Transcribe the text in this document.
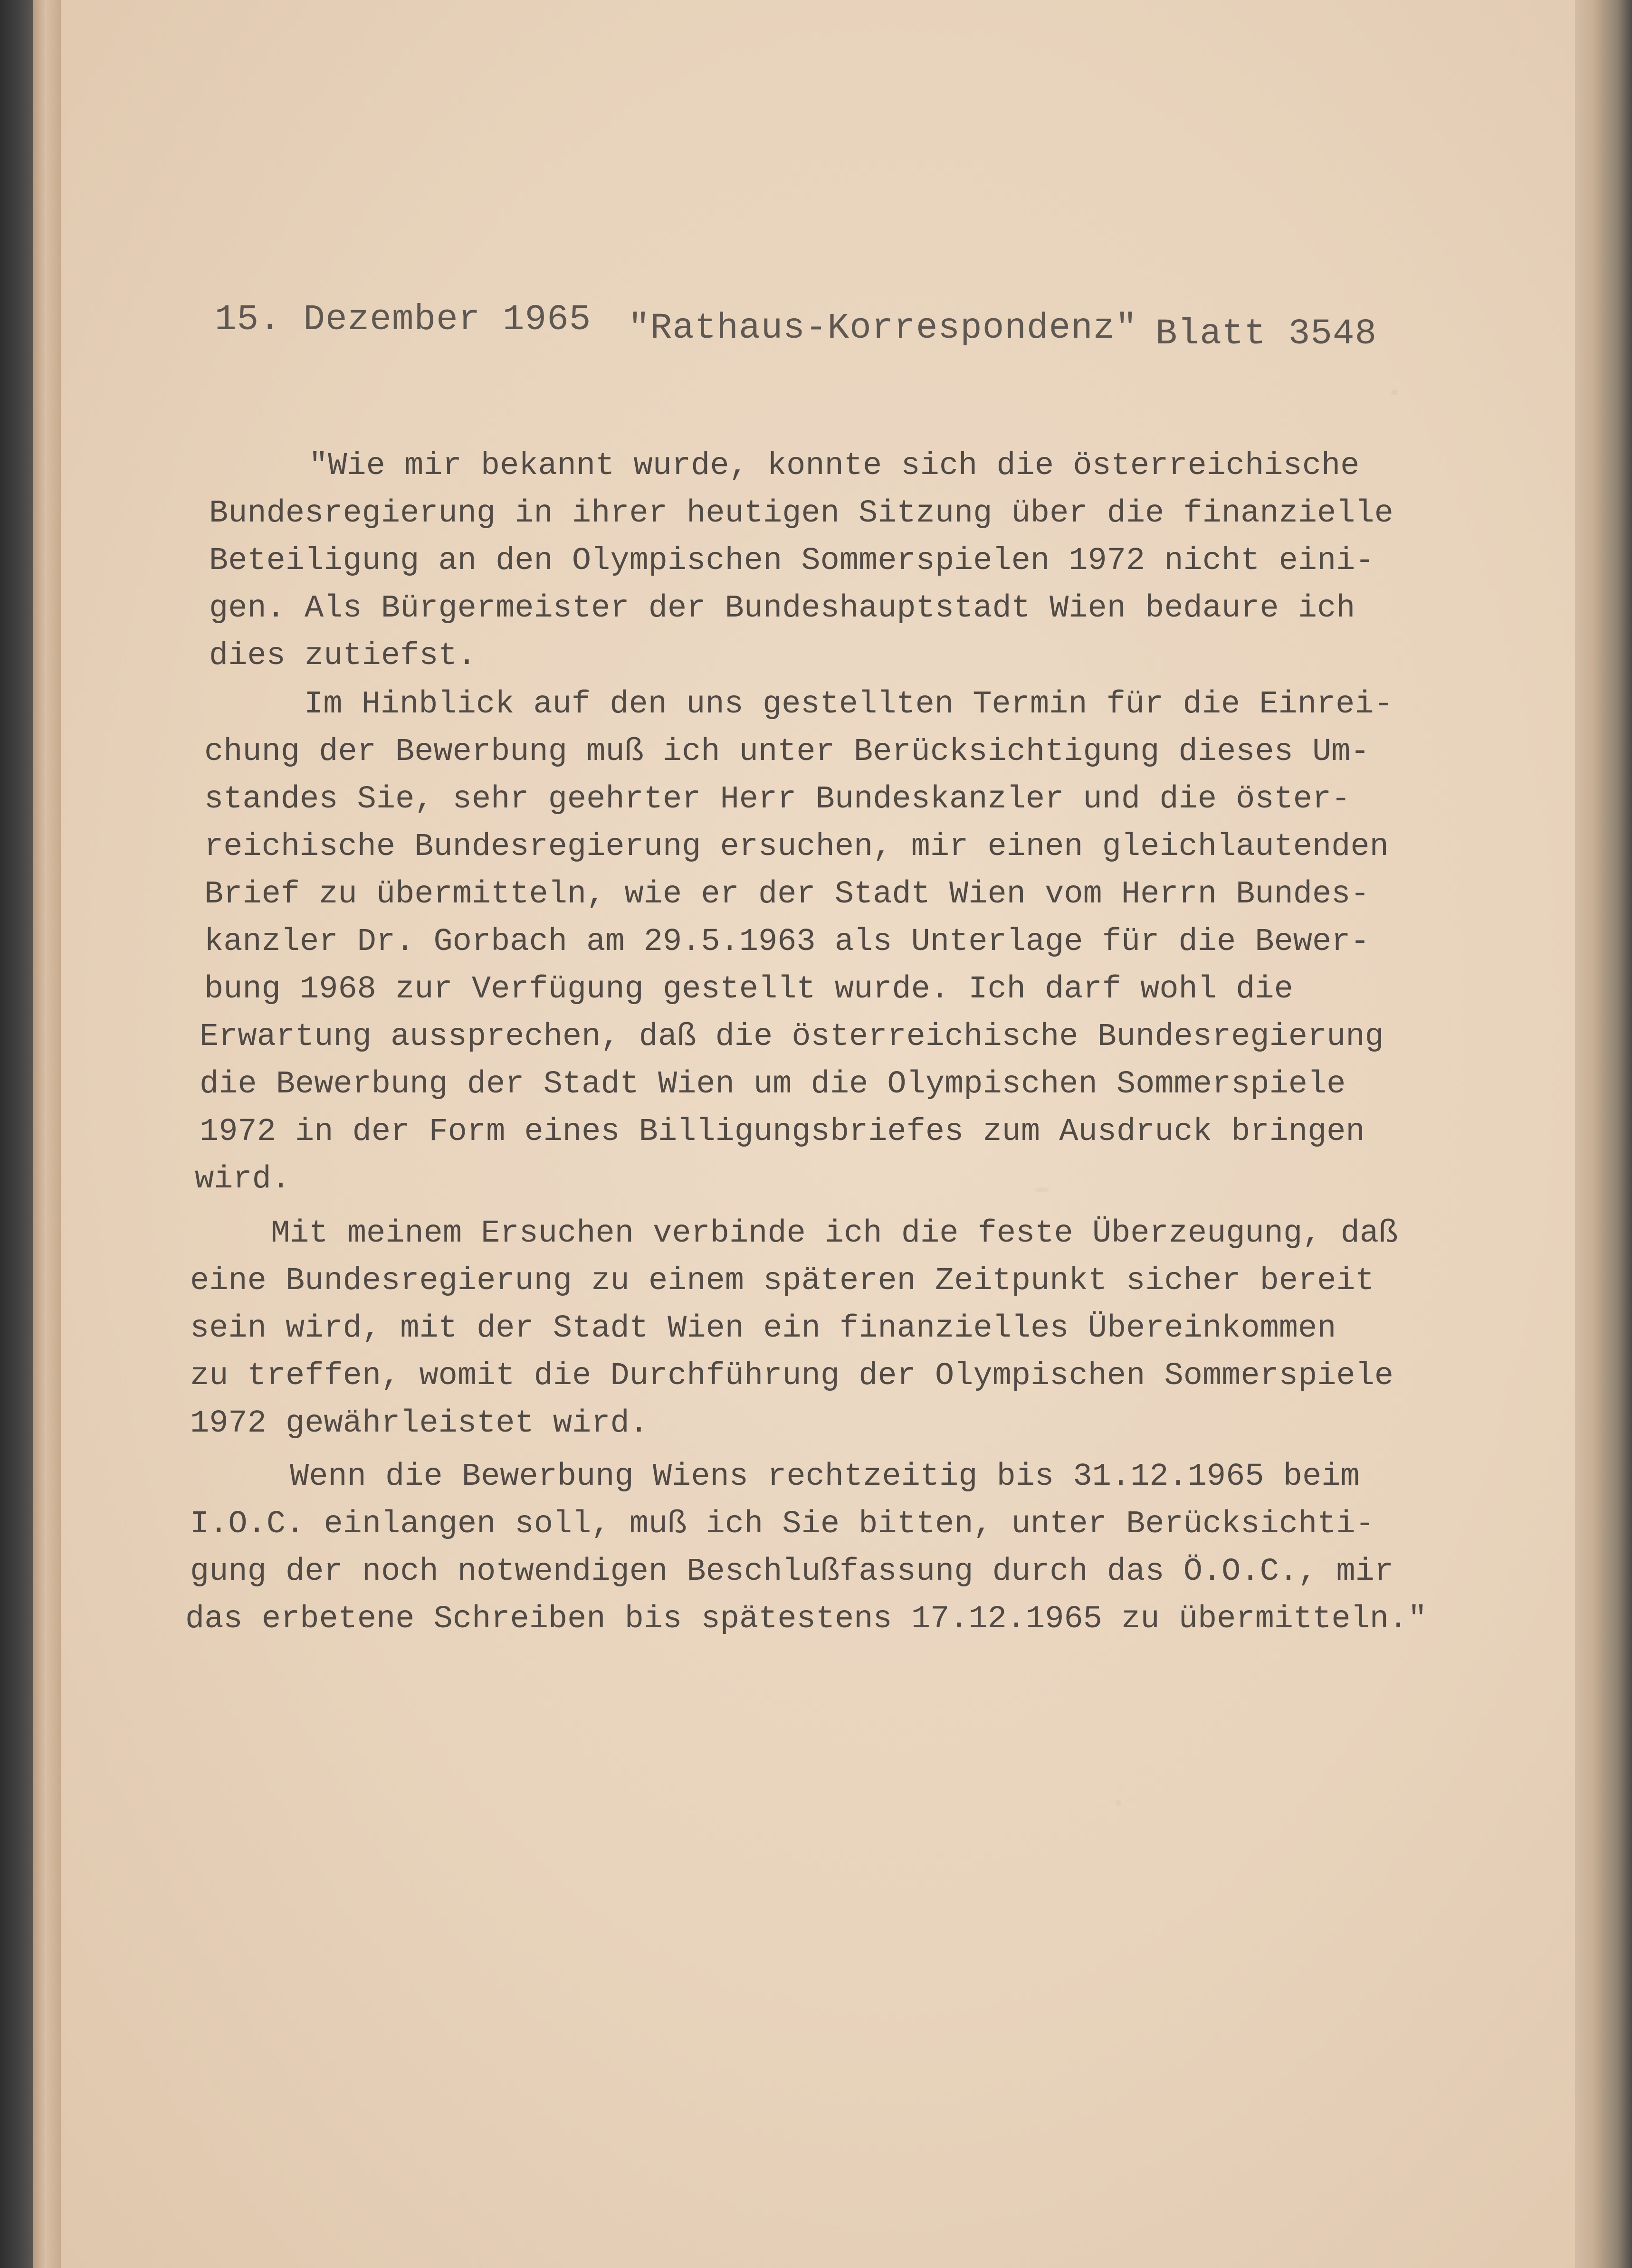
15. Dezember 1965 "Rathaus-Korrespondenz" Blatt 3548
"Wie mir bekannt wurde, konnte sich die österreichische
Bundesregierung in ihrer heutigen Sitzung über die finanzielle
Beteiligung an den Olympischen Sommerspielen 1972 nicht eini-
gen. Als Bürgermeister der Bundeshauptstadt Wien bedaure ich
dies zutiefst.
Im Hinblick auf den uns gestellten Termin für die Einrei-
chung der Bewerbung muß ich unter Berücksichtigung dieses Um-
standes Sie, sehr geehrter Herr Bundeskanzler und die öster-
reichische Bundesregierung ersuchen, mir einen gleichlautenden
Brief zu übermitteln, wie er der Stadt Wien vom Herrn Bundes-
kanzler Dr. Gorbach am 29.5.1963 als Unterlage für die Bewer-
bung 1968 zur Verfügung gestellt wurde. Ich darf wohl die
Erwartung aussprechen, daß die österreichische Bundesregierung
die Bewerbung der Stadt Wien um die Olympischen Sommerspiele
1972 in der Form eines Billigungsbriefes zum Ausdruck bringen
wird.
Mit meinem Ersuchen verbinde ich die feste Überzeugung, daß
eine Bundesregierung zu einem späteren Zeitpunkt sicher bereit
sein wird, mit der Stadt Wien ein finanzielles Übereinkommen
zu treffen, womit die Durchführung der Olympischen Sommerspiele
1972 gewährleistet wird.
Wenn die Bewerbung Wiens rechtzeitig bis 31.12.1965 beim
I.O.C. einlangen soll, muß ich Sie bitten, unter Berücksichti-
gung der noch notwendigen Beschlußfassung durch das Ö.O.C., mir
das erbetene Schreiben bis spätestens 17.12.1965 zu übermitteln."
